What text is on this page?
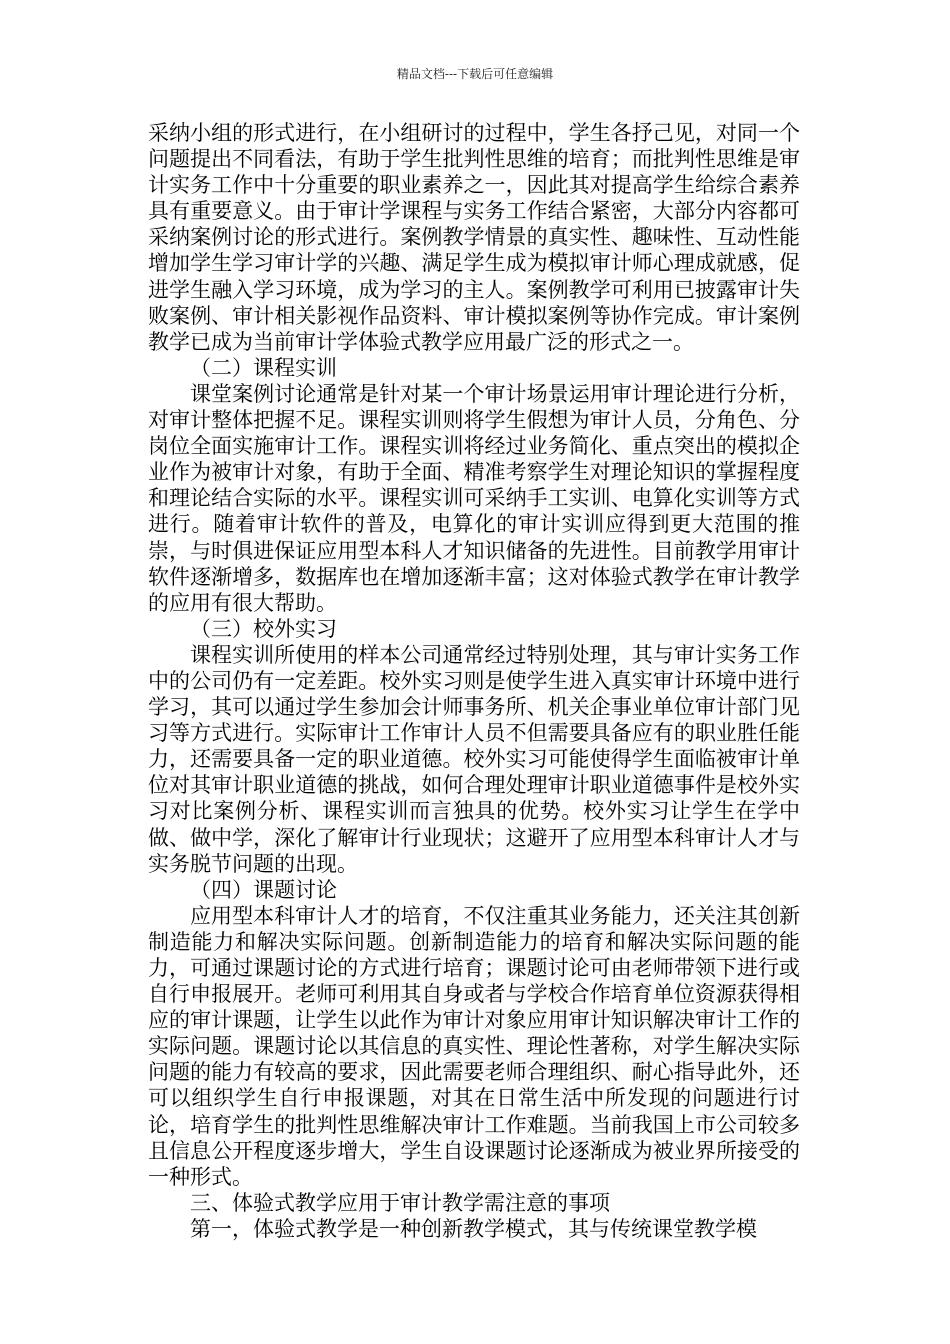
精品文档---下载后可任意编辑

采纳小组的形式进行，在小组研讨的过程中，学生各抒己见，对同一个问题提出不同看法，有助于学生批判性思维的培育；而批判性思维是审计实务工作中十分重要的职业素养之一，因此其对提高学生给综合素养具有重要意义。由于审计学课程与实务工作结合紧密，大部分内容都可采纳案例讨论的形式进行。案例教学情景的真实性、趣味性、互动性能增加学生学习审计学的兴趣、满足学生成为模拟审计师心理成就感，促进学生融入学习环境，成为学习的主人。案例教学可利用已披露审计失败案例、审计相关影视作品资料、审计模拟案例等协作完成。审计案例教学已成为当前审计学体验式教学应用最广泛的形式之一。

（二）课程实训

课堂案例讨论通常是针对某一个审计场景运用审计理论进行分析，对审计整体把握不足。课程实训则将学生假想为审计人员，分角色、分岗位全面实施审计工作。课程实训将经过业务简化、重点突出的模拟企业作为被审计对象，有助于全面、精准考察学生对理论知识的掌握程度和理论结合实际的水平。课程实训可采纳手工实训、电算化实训等方式进行。随着审计软件的普及，电算化的审计实训应得到更大范围的推崇，与时俱进保证应用型本科人才知识储备的先进性。目前教学用审计软件逐渐增多，数据库也在增加逐渐丰富；这对体验式教学在审计教学的应用有很大帮助。

（三）校外实习

课程实训所使用的样本公司通常经过特别处理，其与审计实务工作中的公司仍有一定差距。校外实习则是使学生进入真实审计环境中进行学习，其可以通过学生参加会计师事务所、机关企事业单位审计部门见习等方式进行。实际审计工作审计人员不但需要具备应有的职业胜任能力，还需要具备一定的职业道德。校外实习可能使得学生面临被审计单位对其审计职业道德的挑战，如何合理处理审计职业道德事件是校外实习对比案例分析、课程实训而言独具的优势。校外实习让学生在学中做、做中学，深化了解审计行业现状；这避开了应用型本科审计人才与实务脱节问题的出现。

（四）课题讨论

应用型本科审计人才的培育，不仅注重其业务能力，还关注其创新制造能力和解决实际问题。创新制造能力的培育和解决实际问题的能力，可通过课题讨论的方式进行培育；课题讨论可由老师带领下进行或自行申报展开。老师可利用其自身或者与学校合作培育单位资源获得相应的审计课题，让学生以此作为审计对象应用审计知识解决审计工作的实际问题。课题讨论以其信息的真实性、理论性著称，对学生解决实际问题的能力有较高的要求，因此需要老师合理组织、耐心指导此外，还可以组织学生自行申报课题，对其在日常生活中所发现的问题进行讨论，培育学生的批判性思维解决审计工作难题。当前我国上市公司较多且信息公开程度逐步增大，学生自设课题讨论逐渐成为被业界所接受的一种形式。

三、体验式教学应用于审计教学需注意的事项

第一，体验式教学是一种创新教学模式，其与传统课堂教学模
